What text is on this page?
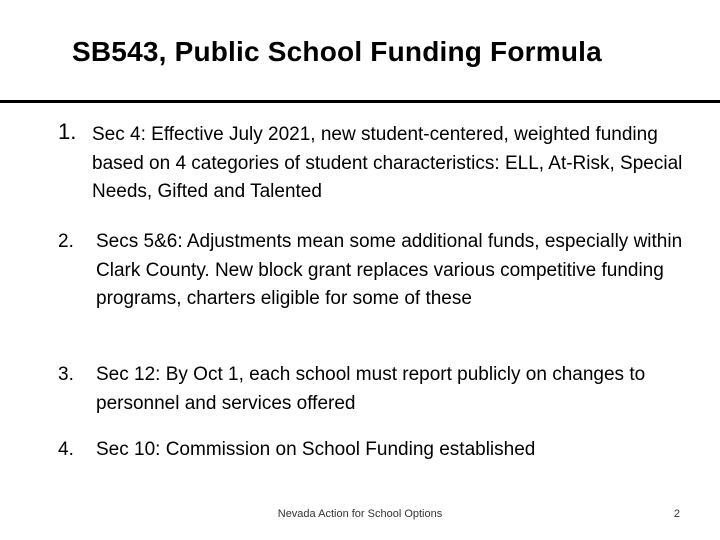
SB543, Public School Funding Formula
1. Sec 4: Effective July 2021, new student-centered, weighted funding based on 4 categories of student characteristics: ELL, At-Risk, Special Needs, Gifted and Talented
2.	Secs 5&6: Adjustments mean some additional funds, especially within Clark County. New block grant replaces various competitive funding programs, charters eligible for some of these
3.	Sec 12: By Oct 1, each school must report publicly on changes to personnel and services offered
4.	Sec 10: Commission on School Funding established
Nevada Action for School Options	2
